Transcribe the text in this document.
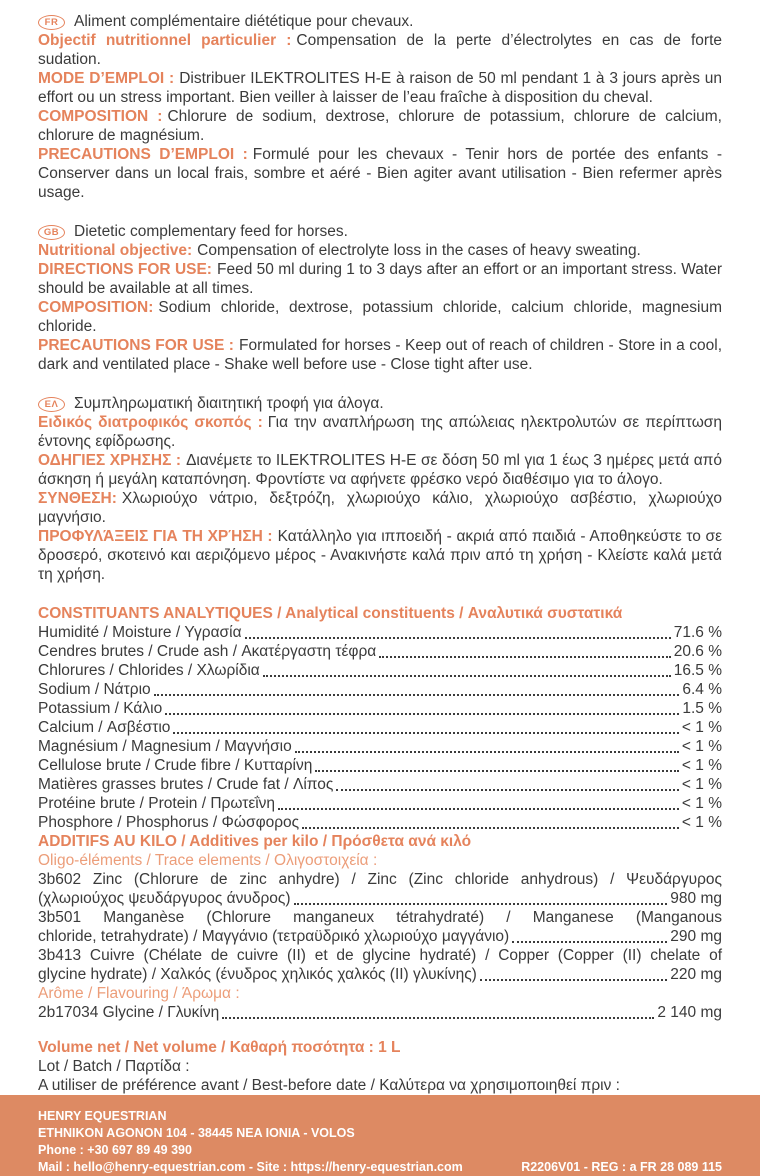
FR Aliment complémentaire diététique pour chevaux.

Objectif nutritionnel particulier : Compensation de la perte d’électrolytes en cas de forte sudation.

MODE D’EMPLOI : Distribuer ILEKTROLITES H-E à raison de 50 ml pendant 1 à 3 jours après un effort ou un stress important. Bien veiller à laisser de l’eau fraîche à disposition du cheval.

COMPOSITION : Chlorure de sodium, dextrose, chlorure de potassium, chlorure de calcium, chlorure de magnésium.

PRECAUTIONS D’EMPLOI : Formulé pour les chevaux - Tenir hors de portée des enfants - Conserver dans un local frais, sombre et aéré - Bien agiter avant utilisation - Bien refermer après usage.

GB Dietetic complementary feed for horses.

Nutritional objective: Compensation of electrolyte loss in the cases of heavy sweating.

DIRECTIONS FOR USE: Feed 50 ml during 1 to 3 days after an effort or an important stress. Water should be available at all times.

COMPOSITION: Sodium chloride, dextrose, potassium chloride, calcium chloride, magnesium chloride.

PRECAUTIONS FOR USE : Formulated for horses - Keep out of reach of children - Store in a cool, dark and ventilated place - Shake well before use - Close tight after use.

ΕΛ Συμπληρωματική διαιτητική τροφή για άλογα.

Ειδικός διατροφικός σκοπός : Για την αναπλήρωση της απώλειας ηλεκτρολυτών σε περίπτωση έντονης εφίδρωσης.

ΟΔΗΓΙΕΣ ΧΡΗΣΗΣ : Διανέμετε το ILEKTROLITES H-E σε δόση 50 ml για 1 έως 3 ημέρες μετά από άσκηση ή μεγάλη καταπόνηση. Φροντίστε να αφήνετε φρέσκο νερό διαθέσιμο για το άλογο.

ΣΥΝΘΕΣΗ: Χλωριούχο νάτριο, δεξτρόζη, χλωριούχο κάλιο, χλωριούχο ασβέστιο, χλωριούχο μαγνήσιο.

ΠΡΟΦΥΛΆΞΕΙΣ ΓΙΑ ΤΗ ΧΡΉΣΗ : Κατάλληλο για ιπποειδή - ακριά από παιδιά - Αποθηκεύστε το σε δροσερό, σκοτεινό και αεριζόμενο μέρος - Ανακινήστε καλά πριν από τη χρήση - Κλείστε καλά μετά τη χρήση.

CONSTITUANTS ANALYTIQUES / Analytical constituents / Αναλυτικά συστατικά
Humidité / Moisture / Υγρασία	71.6 %
Cendres brutes / Crude ash / Ακατέργαστη τέφρα	20.6 %
Chlorures / Chlorides / Χλωρίδια	16.5 %
Sodium / Νάτριο	6.4 %
Potassium / Κάλιο	1.5 %
Calcium / Ασβέστιο	< 1 %
Magnésium / Magnesium / Μαγνήσιο	< 1 %
Cellulose brute / Crude fibre / Κυτταρίνη	< 1 %
Matières grasses brutes / Crude fat / Λίπος	< 1 %
Protéine brute / Protein / Πρωτεΐνη	< 1 %
Phosphore / Phosphorus / Φώσφορος	< 1 %
ADDITIFS AU KILO / Additives per kilo / Πρόσθετα ανά κιλό
Oligo-éléments / Trace elements / Ολιγοστοιχεία :
3b602 Zinc (Chlorure de zinc anhydre) / Zinc (Zinc chloride anhydrous) / Ψευδάργυρος
(χλωριούχος ψευδάργυρος άνυδρος)	980 mg
3b501 Manganèse (Chlorure manganeux tétrahydraté) / Manganese (Manganous
chloride, tetrahydrate) / Μαγγάνιο (τετραϋδρικό χλωριούχο μαγγάνιο)	290 mg
3b413 Cuivre (Chélate de cuivre (II) et de glycine hydraté) / Copper (Copper (II) chelate of
glycine hydrate) / Χαλκός (ένυδρος χηλικός χαλκός (II) γλυκίνης)	220 mg
Arôme / Flavouring / Άρωμα :
2b17034 Glycine / Γλυκίνη	2 140 mg
Volume net / Net volume / Καθαρή ποσότητα : 1 L

Lot / Batch / Παρτίδα :

A utiliser de préférence avant / Best-before date / Καλύτερα να χρησιμοποιηθεί πριν :

HENRY EQUESTRIAN
ETHNIKON AGONON 104 - 38445 NEA IONIA - VOLOS
Phone : +30 697 89 49 390
Mail : hello@henry-equestrian.com - Site : https://henry-equestrian.com	R2206V01 - REG : a FR 28 089 115
